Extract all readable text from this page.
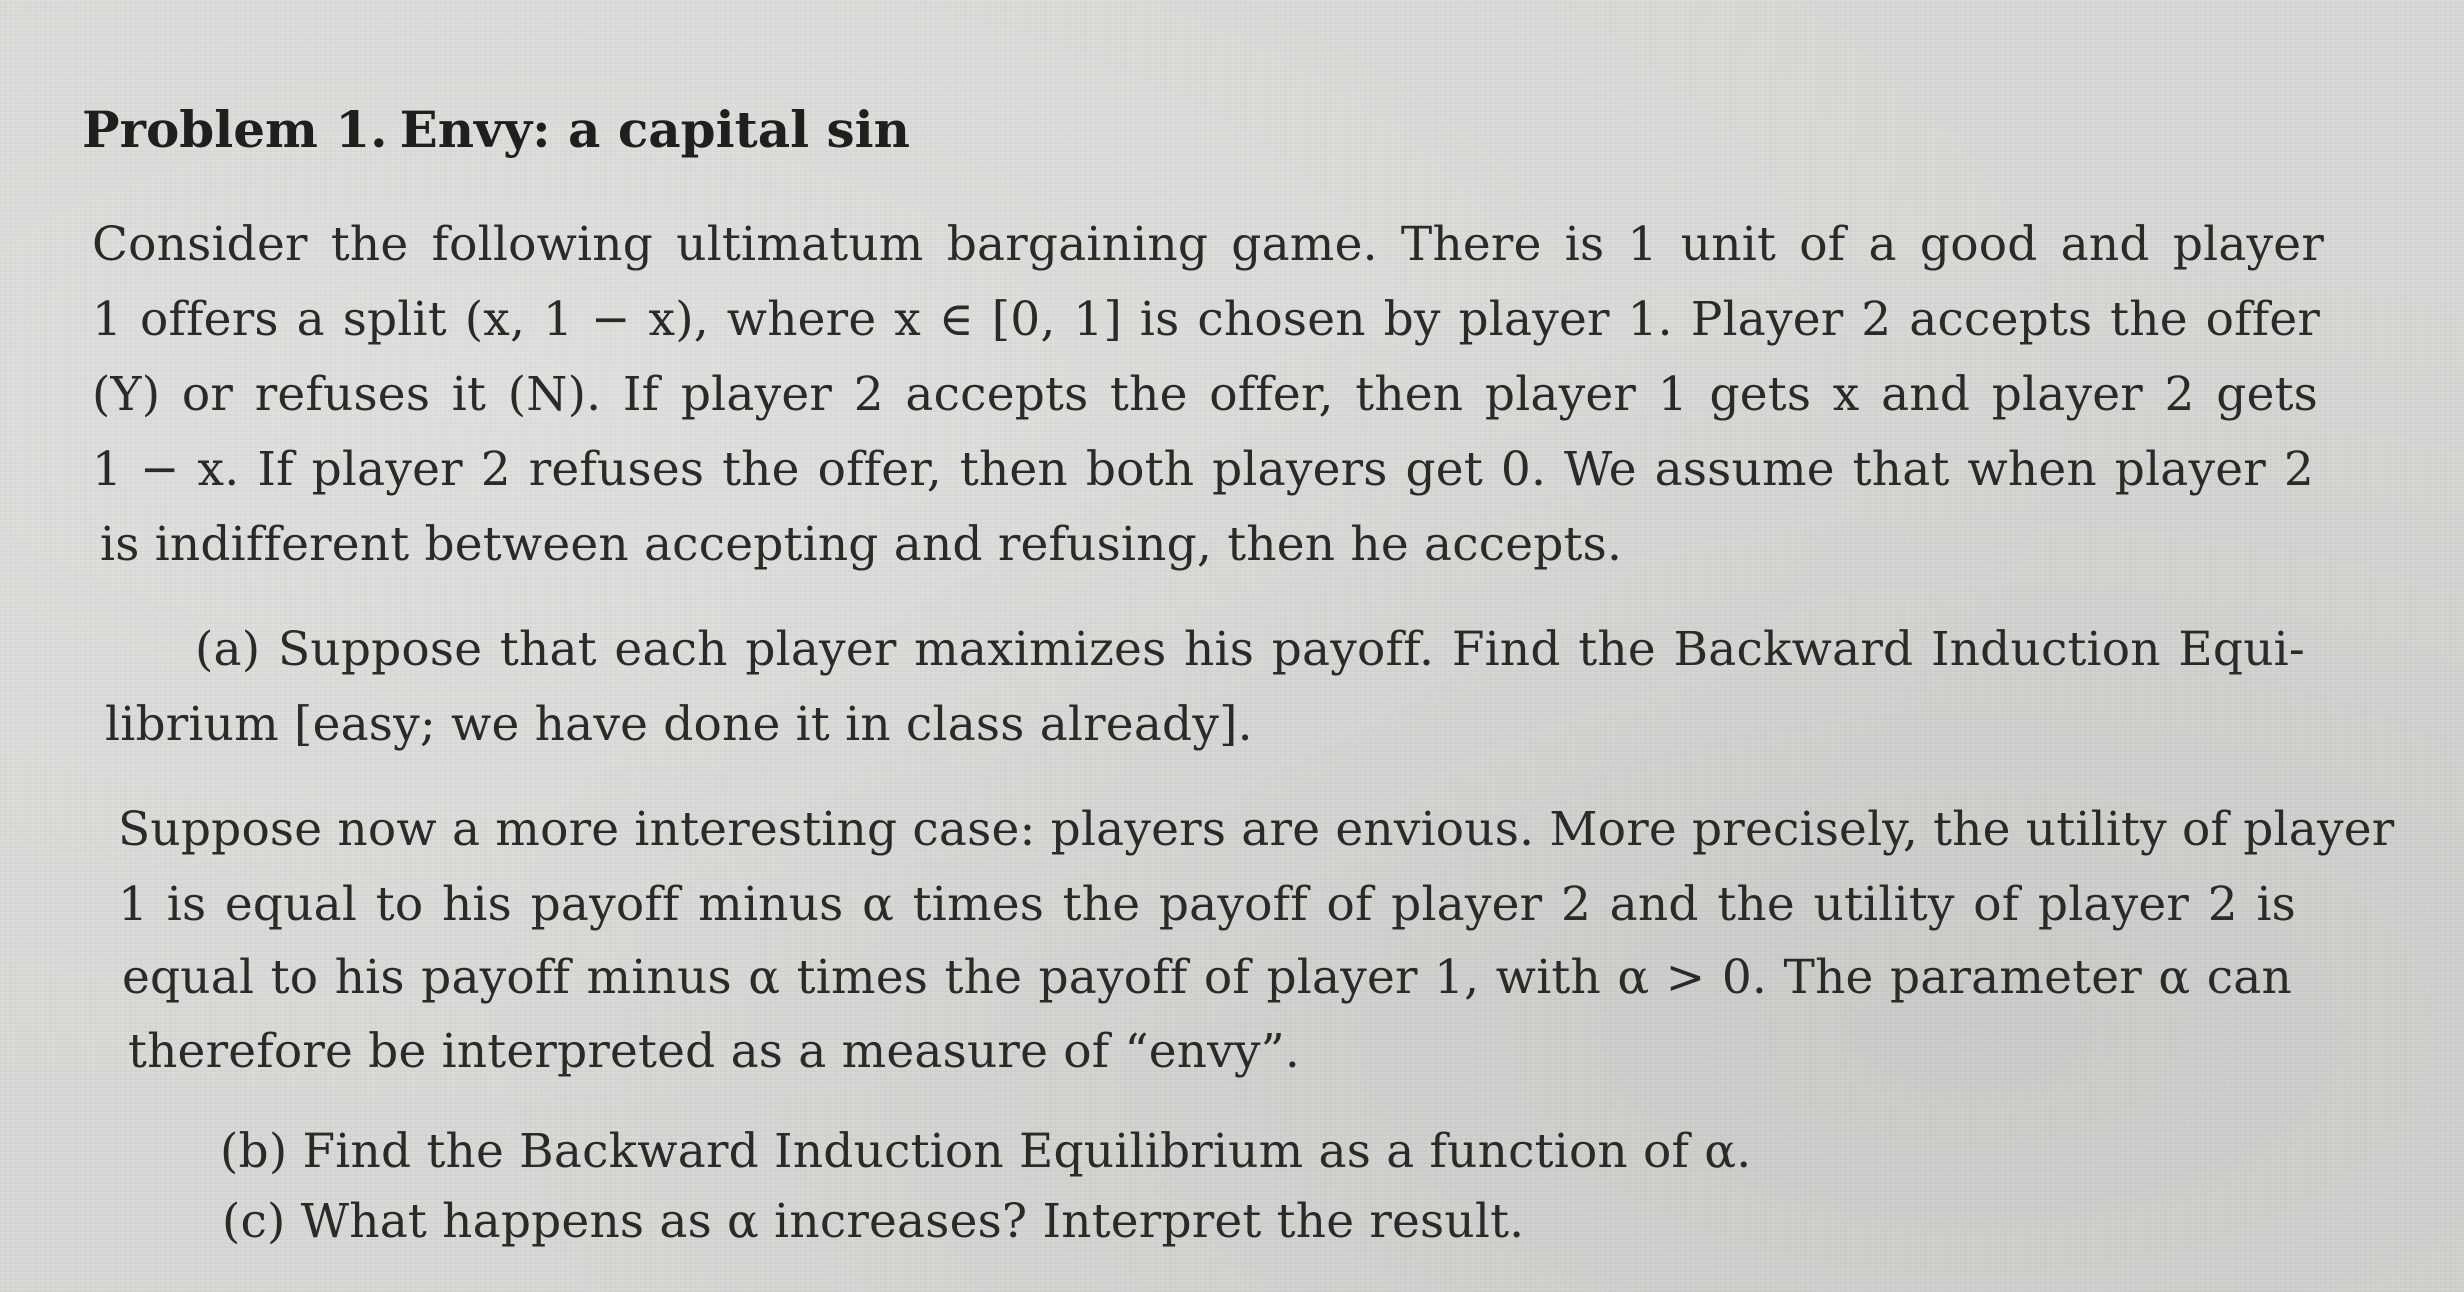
Problem 1. Envy: a capital sin
Consider the following ultimatum bargaining game. There is 1 unit of a good and player
1 offers a split (x, 1 − x), where x ∈ [0, 1] is chosen by player 1. Player 2 accepts the offer
(Y) or refuses it (N). If player 2 accepts the offer, then player 1 gets x and player 2 gets
1 − x. If player 2 refuses the offer, then both players get 0. We assume that when player 2
is indifferent between accepting and refusing, then he accepts.
(a) Suppose that each player maximizes his payoff. Find the Backward Induction Equi-
librium [easy; we have done it in class already].
Suppose now a more interesting case: players are envious. More precisely, the utility of player
1 is equal to his payoff minus α times the payoff of player 2 and the utility of player 2 is
equal to his payoff minus α times the payoff of player 1, with α > 0. The parameter α can
therefore be interpreted as a measure of “envy”.
(b) Find the Backward Induction Equilibrium as a function of α.
(c) What happens as α increases? Interpret the result.
